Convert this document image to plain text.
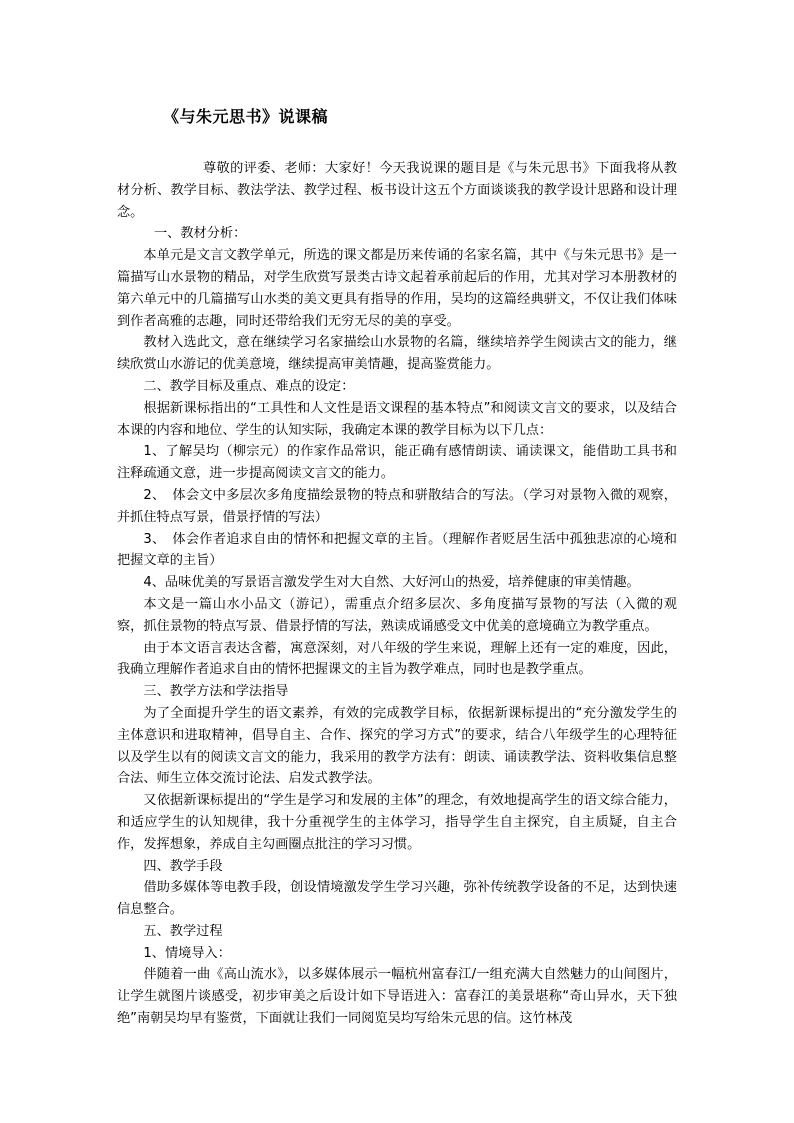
《与朱元思书》说课稿

尊敬的评委、老师：大家好！今天我说课的题目是《与朱元思书》下面我将从教材分析、教学目标、教法学法、教学过程、板书设计这五个方面谈谈我的教学设计思路和设计理念。

一、教材分析：

本单元是文言文教学单元，所选的课文都是历来传诵的名家名篇，其中《与朱元思书》是一篇描写山水景物的精品，对学生欣赏写景类古诗文起着承前起后的作用，尤其对学习本册教材的第六单元中的几篇描写山水类的美文更具有指导的作用，吴均的这篇经典骈文，不仅让我们体味到作者高雅的志趣，同时还带给我们无穷无尽的美的享受。

教材入选此文，意在继续学习名家描绘山水景物的名篇，继续培养学生阅读古文的能力，继续欣赏山水游记的优美意境，继续提高审美情趣，提高鉴赏能力。

二、教学目标及重点、难点的设定：

根据新课标指出的“工具性和人文性是语文课程的基本特点”和阅读文言文的要求，以及结合本课的内容和地位、学生的认知实际，我确定本课的教学目标为以下几点：

1、了解吴均（柳宗元）的作家作品常识，能正确有感情朗读、诵读课文，能借助工具书和注释疏通文意，进一步提高阅读文言文的能力。

2、　体会文中多层次多角度描绘景物的特点和骈散结合的写法。（学习对景物入微的观察，并抓住特点写景，借景抒情的写法）

3、　体会作者追求自由的情怀和把握文章的主旨。（理解作者贬居生活中孤独悲凉的心境和把握文章的主旨）

4、品味优美的写景语言激发学生对大自然、大好河山的热爱，培养健康的审美情趣。

本文是一篇山水小品文（游记），需重点介绍多层次、多角度描写景物的写法（入微的观察，抓住景物的特点写景、借景抒情的写法，熟读成诵感受文中优美的意境确立为教学重点。

由于本文语言表达含蓄，寓意深刻，对八年级的学生来说，理解上还有一定的难度，因此，我确立理解作者追求自由的情怀把握课文的主旨为教学难点，同时也是教学重点。

三、教学方法和学法指导

为了全面提升学生的语文素养，有效的完成教学目标，依据新课标提出的“充分激发学生的主体意识和进取精神，倡导自主、合作、探究的学习方式”的要求，结合八年级学生的心理特征以及学生以有的阅读文言文的能力，我采用的教学方法有：朗读、诵读教学法、资料收集信息整合法、师生立体交流讨论法、启发式教学法。

又依据新课标提出的“学生是学习和发展的主体”的理念，有效地提高学生的语文综合能力，和适应学生的认知规律，我十分重视学生的主体学习，指导学生自主探究，自主质疑，自主合作，发挥想象，养成自主勾画圈点批注的学习习惯。

四、教学手段

借助多媒体等电教手段，创设情境激发学生学习兴趣，弥补传统教学设备的不足，达到快速信息整合。

五、教学过程

1、情境导入：

伴随着一曲《高山流水》，以多媒体展示一幅杭州富春江/一组充满大自然魅力的山间图片，让学生就图片谈感受，初步审美之后设计如下导语进入：富春江的美景堪称“奇山异水，天下独绝”南朝吴均早有鉴赏，下面就让我们一同阅览吴均写给朱元思的信。这竹林茂
